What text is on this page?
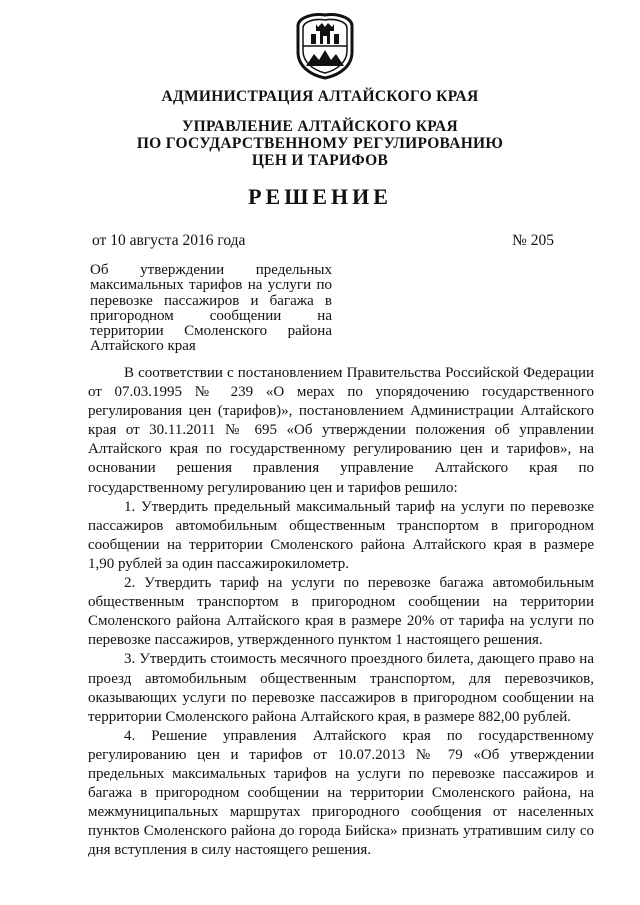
АДМИНИСТРАЦИЯ АЛТАЙСКОГО КРАЯ
УПРАВЛЕНИЕ АЛТАЙСКОГО КРАЯ
ПО ГОСУДАРСТВЕННОМУ РЕГУЛИРОВАНИЮ
ЦЕН И ТАРИФОВ
РЕШЕНИЕ
от 10 августа 2016 года	№ 205
Об утверждении предельных максимальных тарифов на услуги по перевозке пассажиров и багажа в пригородном сообщении на территории Смоленского района Алтайского края

В соответствии с постановлением Правительства Российской Федерации от 07.03.1995 № 239 «О мерах по упорядочению государственного регулирования цен (тарифов)», постановлением Администрации Алтайского края от 30.11.2011 № 695 «Об утверждении положения об управлении Алтайского края по государственному регулированию цен и тарифов», на основании решения правления управление Алтайского края по государственному регулированию цен и тарифов решило:

1. Утвердить предельный максимальный тариф на услуги по перевозке пассажиров автомобильным общественным транспортом в пригородном сообщении на территории Смоленского района Алтайского края в размере 1,90 рублей за один пассажирокилометр.

2. Утвердить тариф на услуги по перевозке багажа автомобильным общественным транспортом в пригородном сообщении на территории Смоленского района Алтайского края в размере 20% от тарифа на услуги по перевозке пассажиров, утвержденного пунктом 1 настоящего решения.

3. Утвердить стоимость месячного проездного билета, дающего право на проезд автомобильным общественным транспортом, для перевозчиков, оказывающих услуги по перевозке пассажиров в пригородном сообщении на территории Смоленского района Алтайского края, в размере 882,00 рублей.

4. Решение управления Алтайского края по государственному регулированию цен и тарифов от 10.07.2013 № 79 «Об утверждении предельных максимальных тарифов на услуги по перевозке пассажиров и багажа в пригородном сообщении на территории Смоленского района, на межмуниципальных маршрутах пригородного сообщения от населенных пунктов Смоленского района до города Бийска» признать утратившим силу со дня вступления в силу настоящего решения.
